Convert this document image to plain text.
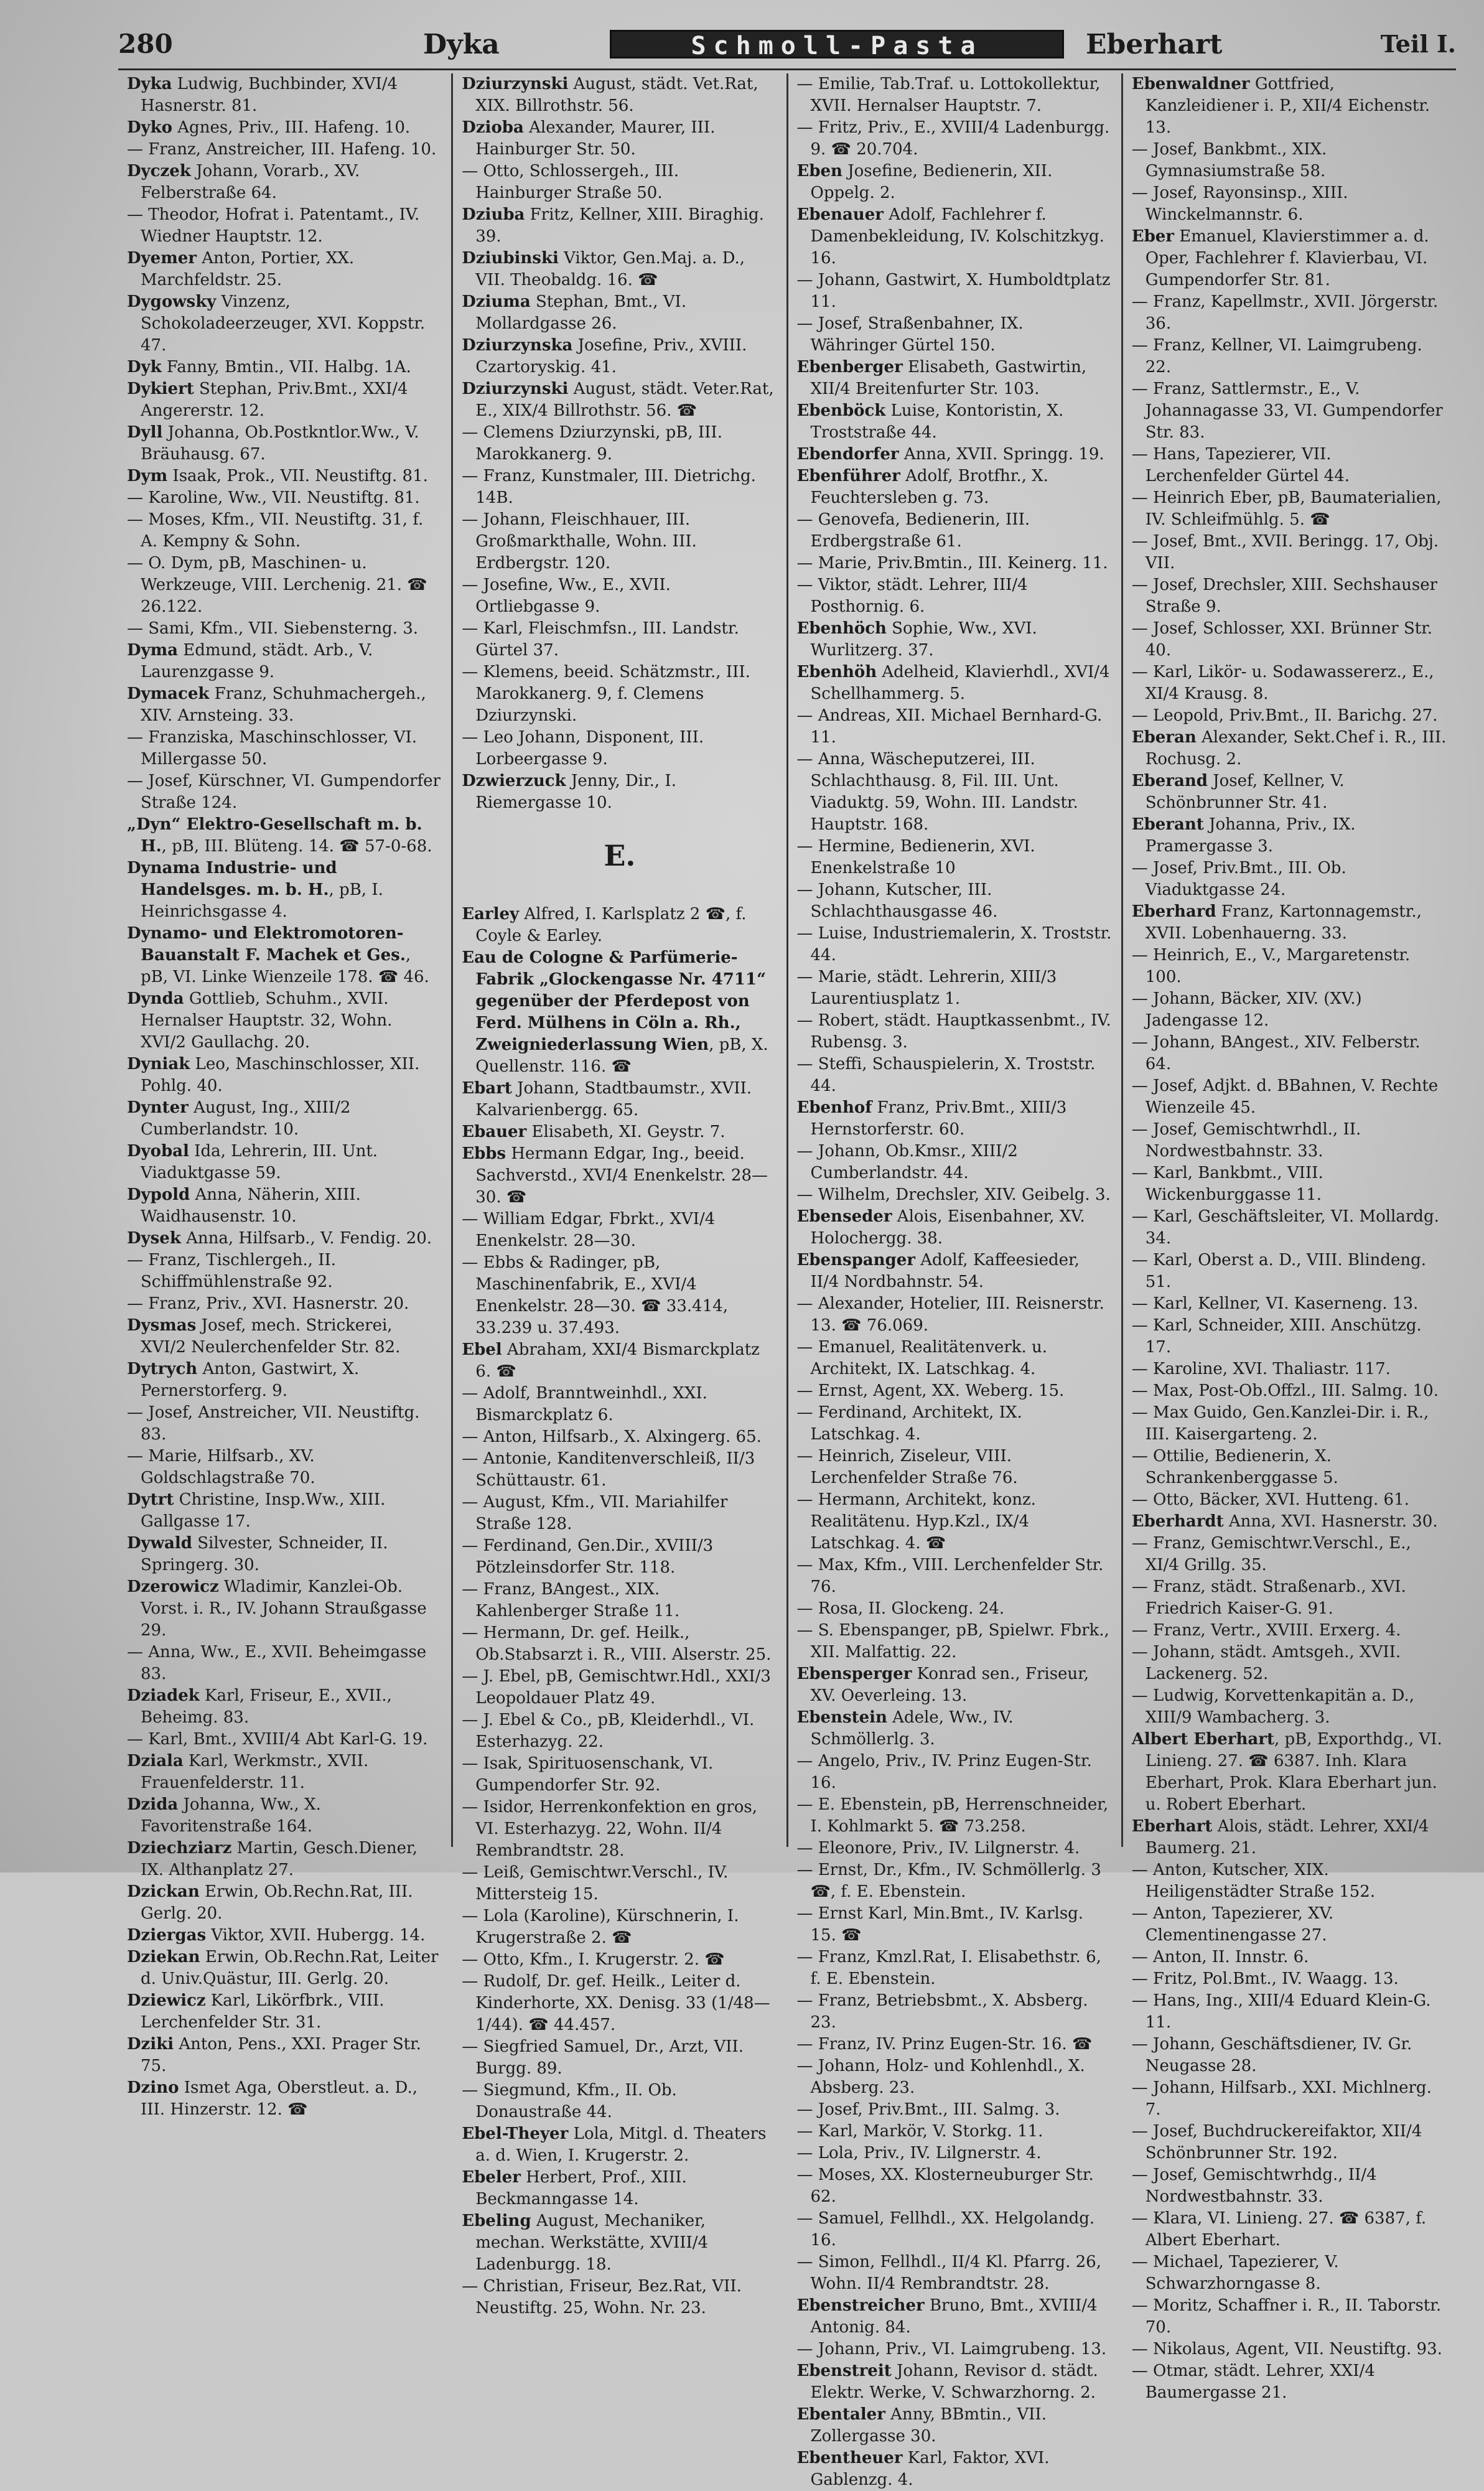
280	Dyka	Schmoll-Pasta	Eberhart	Teil I.
Dyka Ludwig, Buchbinder, XVI/4 Hasnerstr. 81.
Dyko Agnes, Priv., III. Hafeng. 10.
— Franz, Anstreicher, III. Hafeng. 10.
Dyczek Johann, Vorarb., XV. Felberstraße 64.
— Theodor, Hofrat i. Patentamt., IV. Wiedner Hauptstr. 12.
Dyemer Anton, Portier, XX. Marchfeldstr. 25.
Dygowsky Vinzenz, Schokoladeerzeuger, XVI. Koppstr. 47.
Dyk Fanny, Bmtin., VII. Halbg. 1A.
Dykiert Stephan, Priv.Bmt., XXI/4 Angererstr. 12.
Dyll Johanna, Ob.Postkntlor.Ww., V. Bräuhausg. 67.
Dym Isaak, Prok., VII. Neustiftg. 81.
— Karoline, Ww., VII. Neustiftg. 81.
— Moses, Kfm., VII. Neustiftg. 31, f. A. Kempny & Sohn.
— O. Dym, pB, Maschinen- u. Werkzeuge, VIII. Lerchenig. 21. ☎ 26.122.
— Sami, Kfm., VII. Siebensterng. 3.
Dyma Edmund, städt. Arb., V. Laurenzgasse 9.
Dymacek Franz, Schuhmachergeh., XIV. Arnsteing. 33.
— Franziska, Maschinschlosser, VI. Millergasse 50.
— Josef, Kürschner, VI. Gumpendorfer Straße 124.
„Dyn“ Elektro-Gesellschaft m. b. H., pB, III. Blüteng. 14. ☎ 57-0-68.
Dynama Industrie- und Handelsges. m. b. H., pB, I. Heinrichsgasse 4.
Dynamo- und Elektromotoren-Bauanstalt F. Machek et Ges., pB, VI. Linke Wienzeile 178. ☎ 46.
Dynda Gottlieb, Schuhm., XVII. Hernalser Hauptstr. 32, Wohn. XVI/2 Gaullachg. 20.
Dyniak Leo, Maschinschlosser, XII. Pohlg. 40.
Dynter August, Ing., XIII/2 Cumberlandstr. 10.
Dyobal Ida, Lehrerin, III. Unt. Viaduktgasse 59.
Dypold Anna, Näherin, XIII. Waidhausenstr. 10.
Dysek Anna, Hilfsarb., V. Fendig. 20.
— Franz, Tischlergeh., II. Schiffmühlenstraße 92.
— Franz, Priv., XVI. Hasnerstr. 20.
Dysmas Josef, mech. Strickerei, XVI/2 Neulerchenfelder Str. 82.
Dytrych Anton, Gastwirt, X. Pernerstorferg. 9.
— Josef, Anstreicher, VII. Neustiftg. 83.
— Marie, Hilfsarb., XV. Goldschlagstraße 70.
Dytrt Christine, Insp.Ww., XIII. Gallgasse 17.
Dywald Silvester, Schneider, II. Springerg. 30.
Dzerowicz Wladimir, Kanzlei-Ob. Vorst. i. R., IV. Johann Straußgasse 29.
— Anna, Ww., E., XVII. Beheimgasse 83.
Dziadek Karl, Friseur, E., XVII., Beheimg. 83.
— Karl, Bmt., XVIII/4 Abt Karl-G. 19.
Dziala Karl, Werkmstr., XVII. Frauenfelderstr. 11.
Dzida Johanna, Ww., X. Favoritenstraße 164.
Dziechziarz Martin, Gesch.Diener, IX. Althanplatz 27.
Dzickan Erwin, Ob.Rechn.Rat, III. Gerlg. 20.
Dziergas Viktor, XVII. Hubergg. 14.
Dziekan Erwin, Ob.Rechn.Rat, Leiter d. Univ.Quästur, III. Gerlg. 20.
Dziewicz Karl, Likörfbrk., VIII. Lerchenfelder Str. 31.
Dziki Anton, Pens., XXI. Prager Str. 75.
Dzino Ismet Aga, Oberstleut. a. D., III. Hinzerstr. 12. ☎
Dziurzynski August, städt. Vet.Rat, XIX. Billrothstr. 56.
Dzioba Alexander, Maurer, III. Hainburger Str. 50.
— Otto, Schlossergeh., III. Hainburger Straße 50.
Dziuba Fritz, Kellner, XIII. Biraghig. 39.
Dziubinski Viktor, Gen.Maj. a. D., VII. Theobaldg. 16. ☎
Dziuma Stephan, Bmt., VI. Mollardgasse 26.
Dziurzynska Josefine, Priv., XVIII. Czartoryskig. 41.
Dziurzynski August, städt. Veter.Rat, E., XIX/4 Billrothstr. 56. ☎
— Clemens Dziurzynski, pB, III. Marokkanerg. 9.
— Franz, Kunstmaler, III. Dietrichg. 14B.
— Johann, Fleischhauer, III. Großmarkthalle, Wohn. III. Erdbergstr. 120.
— Josefine, Ww., E., XVII. Ortliebgasse 9.
— Karl, Fleischmfsn., III. Landstr. Gürtel 37.
— Klemens, beeid. Schätzmstr., III. Marokkanerg. 9, f. Clemens Dziurzynski.
— Leo Johann, Disponent, III. Lorbeergasse 9.
Dzwierzuck Jenny, Dir., I. Riemergasse 10.
E.
Earley Alfred, I. Karlsplatz 2 ☎, f. Coyle & Earley.
Eau de Cologne & Parfümerie-Fabrik „Glockengasse Nr. 4711“ gegenüber der Pferdepost von Ferd. Mülhens in Cöln a. Rh., Zweigniederlassung Wien, pB, X. Quellenstr. 116. ☎
Ebart Johann, Stadtbaumstr., XVII. Kalvarienbergg. 65.
Ebauer Elisabeth, XI. Geystr. 7.
Ebbs Hermann Edgar, Ing., beeid. Sachverstd., XVI/4 Enenkelstr. 28—30. ☎
— William Edgar, Fbrkt., XVI/4 Enenkelstr. 28—30.
— Ebbs & Radinger, pB, Maschinenfabrik, E., XVI/4 Enenkelstr. 28—30. ☎ 33.414, 33.239 u. 37.493.
Ebel Abraham, XXI/4 Bismarckplatz 6. ☎
— Adolf, Branntweinhdl., XXI. Bismarckplatz 6.
— Anton, Hilfsarb., X. Alxingerg. 65.
— Antonie, Kanditenverschleiß, II/3 Schüttaustr. 61.
— August, Kfm., VII. Mariahilfer Straße 128.
— Ferdinand, Gen.Dir., XVIII/3 Pötzleinsdorfer Str. 118.
— Franz, BAngest., XIX. Kahlenberger Straße 11.
— Hermann, Dr. gef. Heilk., Ob.Stabsarzt i. R., VIII. Alserstr. 25.
— J. Ebel, pB, Gemischtwr.Hdl., XXI/3 Leopoldauer Platz 49.
— J. Ebel & Co., pB, Kleiderhdl., VI. Esterhazyg. 22.
— Isak, Spirituosenschank, VI. Gumpendorfer Str. 92.
— Isidor, Herrenkonfektion en gros, VI. Esterhazyg. 22, Wohn. II/4 Rembrandtstr. 28.
— Leiß, Gemischtwr.Verschl., IV. Mittersteig 15.
— Lola (Karoline), Kürschnerin, I. Krugerstraße 2. ☎
— Otto, Kfm., I. Krugerstr. 2. ☎
— Rudolf, Dr. gef. Heilk., Leiter d. Kinderhorte, XX. Denisg. 33 (1/48—1/44). ☎ 44.457.
— Siegfried Samuel, Dr., Arzt, VII. Burgg. 89.
— Siegmund, Kfm., II. Ob. Donaustraße 44.
Ebel-Theyer Lola, Mitgl. d. Theaters a. d. Wien, I. Krugerstr. 2.
Ebeler Herbert, Prof., XIII. Beckmanngasse 14.
Ebeling August, Mechaniker, mechan. Werkstätte, XVIII/4 Ladenburgg. 18.
— Christian, Friseur, Bez.Rat, VII. Neustiftg. 25, Wohn. Nr. 23.
— Emilie, Tab.Traf. u. Lottokollektur, XVII. Hernalser Hauptstr. 7.
— Fritz, Priv., E., XVIII/4 Ladenburgg. 9. ☎ 20.704.
Eben Josefine, Bedienerin, XII. Oppelg. 2.
Ebenauer Adolf, Fachlehrer f. Damenbekleidung, IV. Kolschitzkyg. 16.
— Johann, Gastwirt, X. Humboldtplatz 11.
— Josef, Straßenbahner, IX. Währinger Gürtel 150.
Ebenberger Elisabeth, Gastwirtin, XII/4 Breitenfurter Str. 103.
Ebenböck Luise, Kontoristin, X. Troststraße 44.
Ebendorfer Anna, XVII. Springg. 19.
Ebenführer Adolf, Brotfhr., X. Feuchtersleben g. 73.
— Genovefa, Bedienerin, III. Erdbergstraße 61.
— Marie, Priv.Bmtin., III. Keinerg. 11.
— Viktor, städt. Lehrer, III/4 Posthornig. 6.
Ebenhöch Sophie, Ww., XVI. Wurlitzerg. 37.
Ebenhöh Adelheid, Klavierhdl., XVI/4 Schellhammerg. 5.
— Andreas, XII. Michael Bernhard-G. 11.
— Anna, Wäscheputzerei, III. Schlachthausg. 8, Fil. III. Unt. Viaduktg. 59, Wohn. III. Landstr. Hauptstr. 168.
— Hermine, Bedienerin, XVI. Enenkelstraße 10
— Johann, Kutscher, III. Schlachthausgasse 46.
— Luise, Industriemalerin, X. Troststr. 44.
— Marie, städt. Lehrerin, XIII/3 Laurentiusplatz 1.
— Robert, städt. Hauptkassenbmt., IV. Rubensg. 3.
— Steffi, Schauspielerin, X. Troststr. 44.
Ebenhof Franz, Priv.Bmt., XIII/3 Hernstorferstr. 60.
— Johann, Ob.Kmsr., XIII/2 Cumberlandstr. 44.
— Wilhelm, Drechsler, XIV. Geibelg. 3.
Ebenseder Alois, Eisenbahner, XV. Holochergg. 38.
Ebenspanger Adolf, Kaffeesieder, II/4 Nordbahnstr. 54.
— Alexander, Hotelier, III. Reisnerstr. 13. ☎ 76.069.
— Emanuel, Realitätenverk. u. Architekt, IX. Latschkag. 4.
— Ernst, Agent, XX. Weberg. 15.
— Ferdinand, Architekt, IX. Latschkag. 4.
— Heinrich, Ziseleur, VIII. Lerchenfelder Straße 76.
— Hermann, Architekt, konz. Realitätenu. Hyp.Kzl., IX/4 Latschkag. 4. ☎
— Max, Kfm., VIII. Lerchenfelder Str. 76.
— Rosa, II. Glockeng. 24.
— S. Ebenspanger, pB, Spielwr. Fbrk., XII. Malfattig. 22.
Ebensperger Konrad sen., Friseur, XV. Oeverleing. 13.
Ebenstein Adele, Ww., IV. Schmöllerlg. 3.
— Angelo, Priv., IV. Prinz Eugen-Str. 16.
— E. Ebenstein, pB, Herrenschneider, I. Kohlmarkt 5. ☎ 73.258.
— Eleonore, Priv., IV. Lilgnerstr. 4.
— Ernst, Dr., Kfm., IV. Schmöllerlg. 3 ☎, f. E. Ebenstein.
— Ernst Karl, Min.Bmt., IV. Karlsg. 15. ☎
— Franz, Kmzl.Rat, I. Elisabethstr. 6, f. E. Ebenstein.
— Franz, Betriebsbmt., X. Absberg. 23.
— Franz, IV. Prinz Eugen-Str. 16. ☎
— Johann, Holz- und Kohlenhdl., X. Absberg. 23.
— Josef, Priv.Bmt., III. Salmg. 3.
— Karl, Markör, V. Storkg. 11.
— Lola, Priv., IV. Lilgnerstr. 4.
— Moses, XX. Klosterneuburger Str. 62.
— Samuel, Fellhdl., XX. Helgolandg. 16.
— Simon, Fellhdl., II/4 Kl. Pfarrg. 26, Wohn. II/4 Rembrandtstr. 28.
Ebenstreicher Bruno, Bmt., XVIII/4 Antonig. 84.
— Johann, Priv., VI. Laimgrubeng. 13.
Ebenstreit Johann, Revisor d. städt. Elektr. Werke, V. Schwarzhorng. 2.
Ebentaler Anny, BBmtin., VII. Zollergasse 30.
Ebentheuer Karl, Faktor, XVI. Gablenzg. 4.
Ebenwaldner Gottfried, Kanzleidiener i. P., XII/4 Eichenstr. 13.
— Josef, Bankbmt., XIX. Gymnasiumstraße 58.
— Josef, Rayonsinsp., XIII. Winckelmannstr. 6.
Eber Emanuel, Klavierstimmer a. d. Oper, Fachlehrer f. Klavierbau, VI. Gumpendorfer Str. 81.
— Franz, Kapellmstr., XVII. Jörgerstr. 36.
— Franz, Kellner, VI. Laimgrubeng. 22.
— Franz, Sattlermstr., E., V. Johannagasse 33, VI. Gumpendorfer Str. 83.
— Hans, Tapezierer, VII. Lerchenfelder Gürtel 44.
— Heinrich Eber, pB, Baumaterialien, IV. Schleifmühlg. 5. ☎
— Josef, Bmt., XVII. Beringg. 17, Obj. VII.
— Josef, Drechsler, XIII. Sechshauser Straße 9.
— Josef, Schlosser, XXI. Brünner Str. 40.
— Karl, Likör- u. Sodawassererz., E., XI/4 Krausg. 8.
— Leopold, Priv.Bmt., II. Barichg. 27.
Eberan Alexander, Sekt.Chef i. R., III. Rochusg. 2.
Eberand Josef, Kellner, V. Schönbrunner Str. 41.
Eberant Johanna, Priv., IX. Pramergasse 3.
— Josef, Priv.Bmt., III. Ob. Viaduktgasse 24.
Eberhard Franz, Kartonnagemstr., XVII. Lobenhauerng. 33.
— Heinrich, E., V., Margaretenstr. 100.
— Johann, Bäcker, XIV. (XV.) Jadengasse 12.
— Johann, BAngest., XIV. Felberstr. 64.
— Josef, Adjkt. d. BBahnen, V. Rechte Wienzeile 45.
— Josef, Gemischtwrhdl., II. Nordwestbahnstr. 33.
— Karl, Bankbmt., VIII. Wickenburggasse 11.
— Karl, Geschäftsleiter, VI. Mollardg. 34.
— Karl, Oberst a. D., VIII. Blindeng. 51.
— Karl, Kellner, VI. Kaserneng. 13.
— Karl, Schneider, XIII. Anschützg. 17.
— Karoline, XVI. Thaliastr. 117.
— Max, Post-Ob.Offzl., III. Salmg. 10.
— Max Guido, Gen.Kanzlei-Dir. i. R., III. Kaisergarteng. 2.
— Ottilie, Bedienerin, X. Schrankenberggasse 5.
— Otto, Bäcker, XVI. Hutteng. 61.
Eberhardt Anna, XVI. Hasnerstr. 30.
— Franz, Gemischtwr.Verschl., E., XI/4 Grillg. 35.
— Franz, städt. Straßenarb., XVI. Friedrich Kaiser-G. 91.
— Franz, Vertr., XVIII. Erxerg. 4.
— Johann, städt. Amtsgeh., XVII. Lackenerg. 52.
— Ludwig, Korvettenkapitän a. D., XIII/9 Wambacherg. 3.
Albert Eberhart, pB, Exporthdg., VI. Linieng. 27. ☎ 6387. Inh. Klara Eberhart, Prok. Klara Eberhart jun. u. Robert Eberhart.
Eberhart Alois, städt. Lehrer, XXI/4 Baumerg. 21.
— Anton, Kutscher, XIX. Heiligenstädter Straße 152.
— Anton, Tapezierer, XV. Clementinengasse 27.
— Anton, II. Innstr. 6.
— Fritz, Pol.Bmt., IV. Waagg. 13.
— Hans, Ing., XIII/4 Eduard Klein-G. 11.
— Johann, Geschäftsdiener, IV. Gr. Neugasse 28.
— Johann, Hilfsarb., XXI. Michlnerg. 7.
— Josef, Buchdruckereifaktor, XII/4 Schönbrunner Str. 192.
— Josef, Gemischtwrhdg., II/4 Nordwestbahnstr. 33.
— Klara, VI. Linieng. 27. ☎ 6387, f. Albert Eberhart.
— Michael, Tapezierer, V. Schwarzhorngasse 8.
— Moritz, Schaffner i. R., II. Taborstr. 70.
— Nikolaus, Agent, VII. Neustiftg. 93.
— Otmar, städt. Lehrer, XXI/4 Baumergasse 21.
